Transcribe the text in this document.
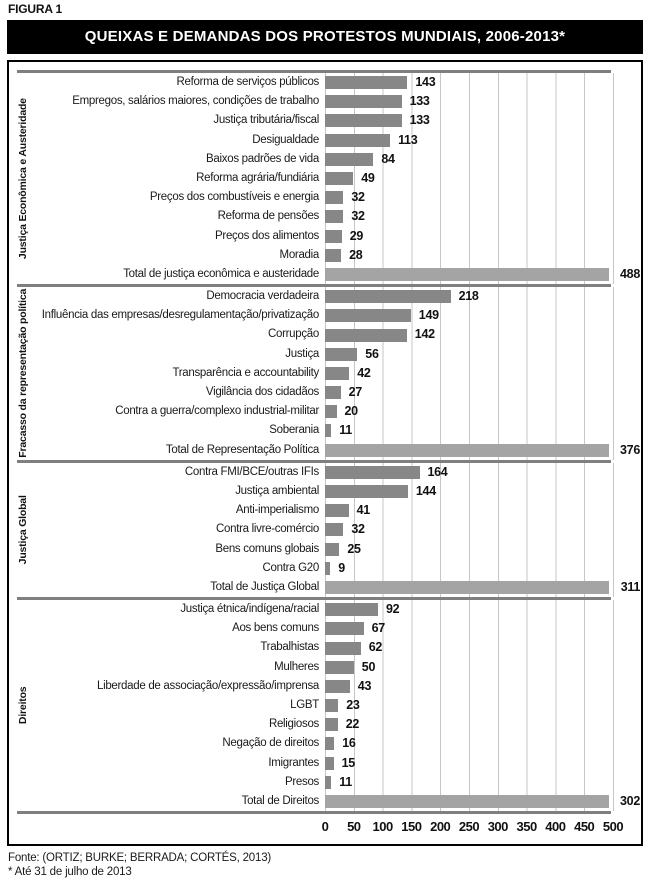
FIGURA 1
QUEIXAS E DEMANDAS DOS PROTESTOS MUNDIAIS, 2006-2013*
Justiça Econômica e Austeridade
Reforma de serviços públicos	143
Empregos, salários maiores, condições de trabalho	133
Justiça tributária/fiscal	133
Desigualdade	113
Baixos padrões de vida	84
Reforma agrária/fundiária	49
Preços dos combustíveis e energia	32
Reforma de pensões	32
Preços dos alimentos 29
Moradia 28
Total de justiça econômica e austeridade	488
Fracasso da representação política	Democracia verdadeira	218
Influência das empresas/desregulamentação/privatização	149
Corrupção	142
Justiça	56
Transparência e accountability	42
Vigilância dos cidadãos 27
Contra a guerra/complexo industrial-militar 20
Soberania 11
Total de Representação Política	376
Justiça Global
Contra FMI/BCE/outras IFIs	164
Justiça ambiental	144
Anti-imperialismo	41
Contra livre-comércio	32
Bens comuns globais 25
Contra G20 9
Total de Justiça Global	311
Direitos
Justiça étnica/indígena/racial	92
Aos bens comuns	67
Trabalhistas	62
Mulheres	50
Liberdade de associação/expressão/imprensa	43
LGBT 23
Religiosos 22
Negação de direitos 16
Imigrantes 15
Presos 11
Total de Direitos	302
0 50 100 150 200 250 300 350 400 450 500
Fonte: (ORTIZ; BURKE; BERRADA; CORTÉS, 2013)
* Até 31 de julho de 2013
